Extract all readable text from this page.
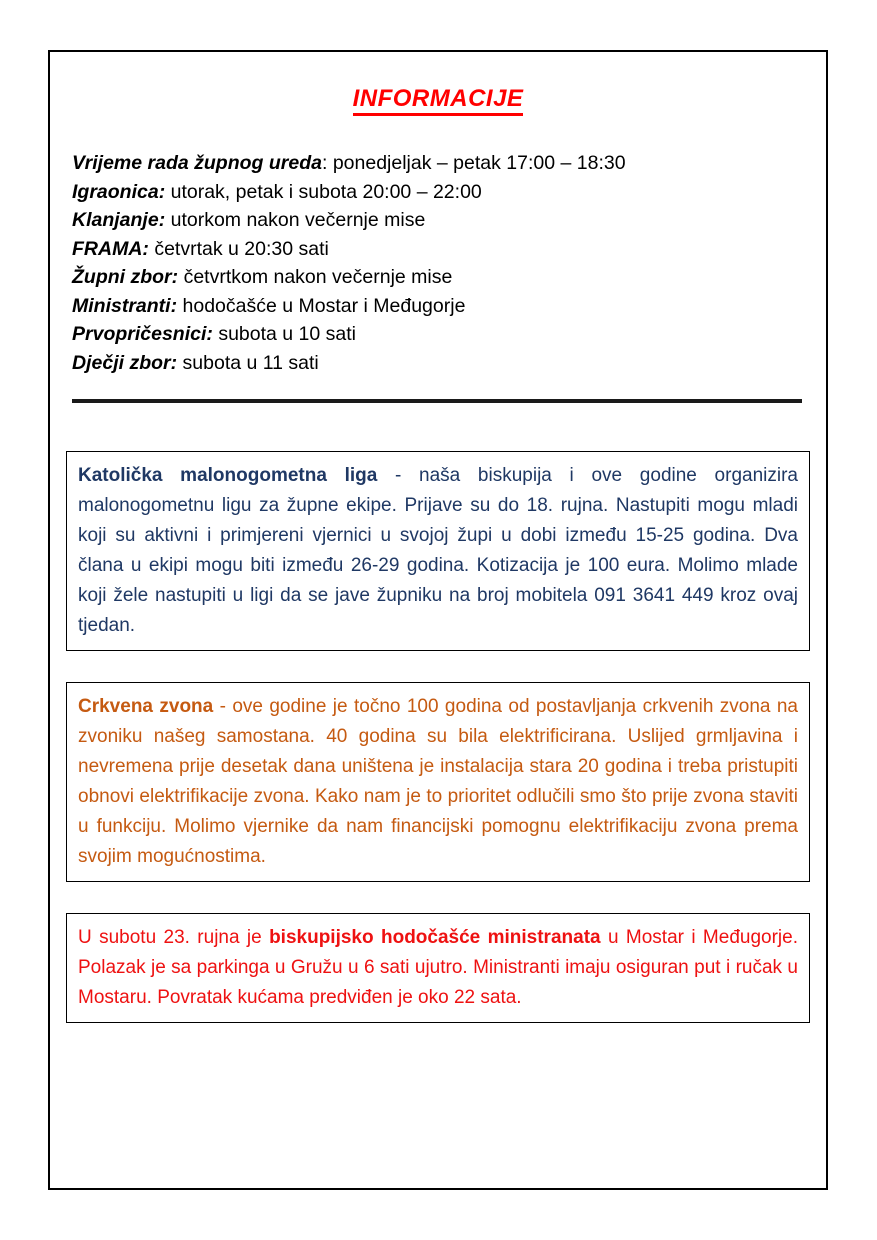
INFORMACIJE
Vrijeme rada župnog ureda: ponedjeljak – petak 17:00 – 18:30
Igraonica: utorak, petak i subota 20:00 – 22:00
Klanjanje: utorkom nakon večernje mise
FRAMA: četvrtak u 20:30 sati
Župni zbor: četvrtkom nakon večernje mise
Ministranti: hodočašće u Mostar i Međugorje
Prvopričesnici: subota u 10 sati
Dječji zbor: subota u 11 sati

Katolička malonogometna liga - naša biskupija i ove godine organizira malonogometnu ligu za župne ekipe. Prijave su do 18. rujna. Nastupiti mogu mladi koji su aktivni i primjereni vjernici u svojoj župi u dobi između 15-25 godina. Dva člana u ekipi mogu biti između 26-29 godina. Kotizacija je 100 eura. Molimo mlade koji žele nastupiti u ligi da se jave župniku na broj mobitela 091 3641 449 kroz ovaj tjedan.

Crkvena zvona - ove godine je točno 100 godina od postavljanja crkvenih zvona na zvoniku našeg samostana. 40 godina su bila elektrificirana. Uslijed grmljavina i nevremena prije desetak dana uništena je instalacija stara 20 godina i treba pristupiti obnovi elektrifikacije zvona. Kako nam je to prioritet odlučili smo što prije zvona staviti u funkciju. Molimo vjernike da nam financijski pomognu elektrifikaciju zvona prema svojim mogućnostima.

U subotu 23. rujna je biskupijsko hodočašće ministranata u Mostar i Međugorje. Polazak je sa parkinga u Gružu u 6 sati ujutro. Ministranti imaju osiguran put i ručak u Mostaru. Povratak kućama predviđen je oko 22 sata.
